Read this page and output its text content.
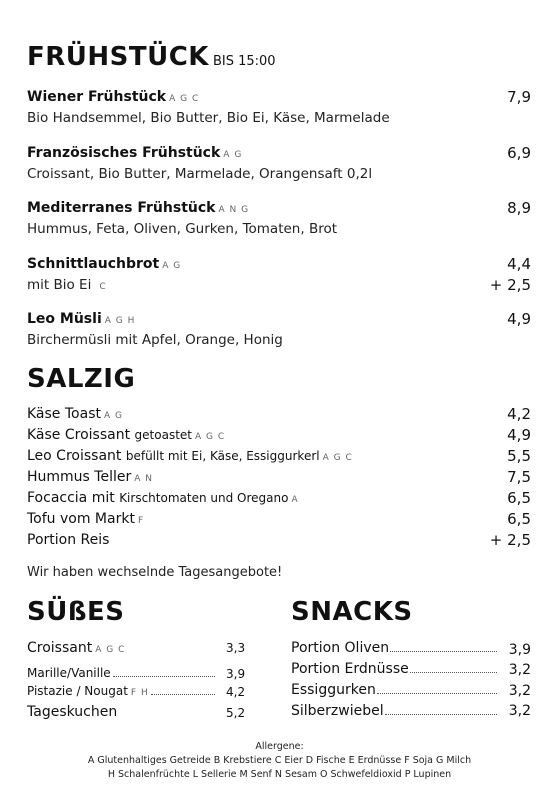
FRÜHSTÜCK BIS 15:00
Wiener Frühstück A G C	7,9
Bio Handsemmel, Bio Butter, Bio Ei, Käse, Marmelade
Französisches Frühstück A G	6,9
Croissant, Bio Butter, Marmelade, Orangensaft 0,2l
Mediterranes Frühstück A N G	8,9
Hummus, Feta, Oliven, Gurken, Tomaten, Brot
Schnittlauchbrot A G	4,4
mit Bio Ei C	+ 2,5
Leo Müsli A G H	4,9
Birchermüsli mit Apfel, Orange, Honig
SALZIG
Käse Toast A G	4,2
Käse Croissant getoastet A G C	4,9
Leo Croissant befüllt mit Ei, Käse, Essiggurkerl A G C	5,5
Hummus Teller A N	7,5
Focaccia mit Kirschtomaten und Oregano A	6,5
Tofu vom Markt F	6,5
Portion Reis	+ 2,5
Wir haben wechselnde Tagesangebote!
SÜßES
Croissant A G C	3,3
Marille/Vanille	3,9
Pistazie / Nougat F H	4,2
Tageskuchen	5,2
SNACKS
Portion Oliven	3,9
Portion Erdnüsse	3,2
Essiggurken	3,2
Silberzwiebel	3,2
Allergene:
A Glutenhaltiges Getreide B Krebstiere C Eier D Fische E Erdnüsse F Soja G Milch
H Schalenfrüchte L Sellerie M Senf N Sesam O Schwefeldioxid P Lupinen
